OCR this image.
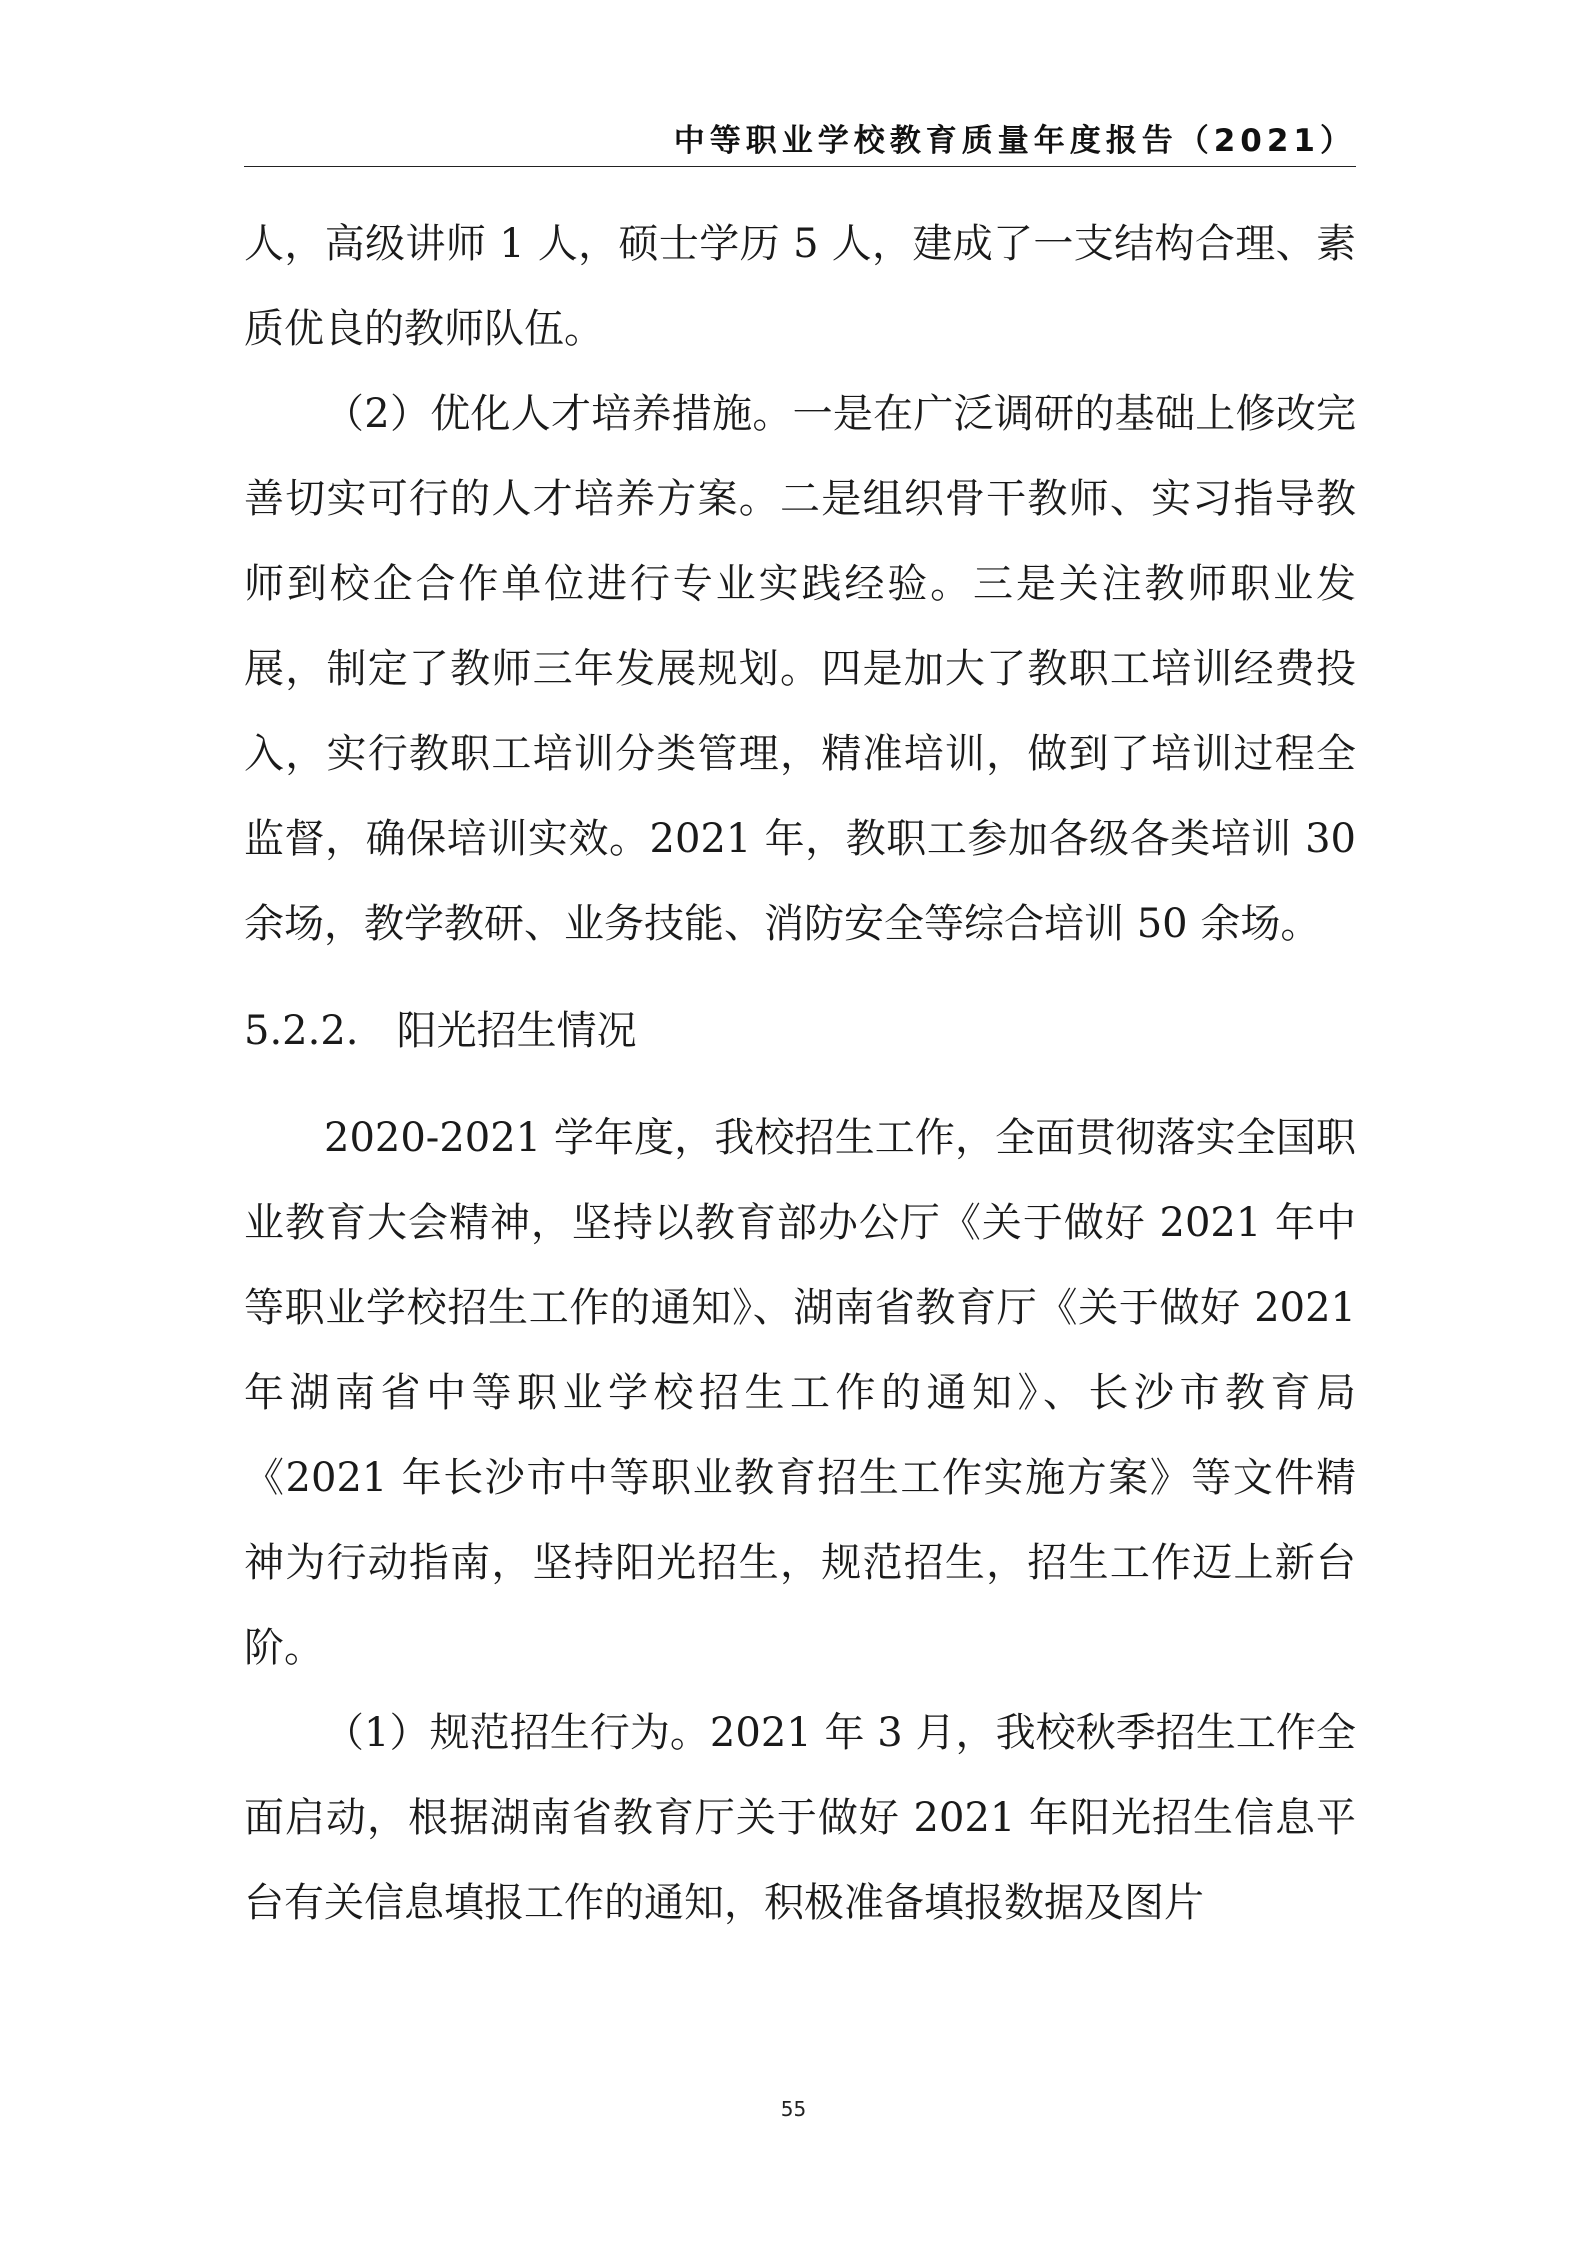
中等职业学校教育质量年度报告（2021）

人，高级讲师 1 人，硕士学历 5 人，建成了一支结构合理、素质优良的教师队伍。

（2）优化人才培养措施。一是在广泛调研的基础上修改完善切实可行的人才培养方案。二是组织骨干教师、实习指导教师到校企合作单位进行专业实践经验。三是关注教师职业发展，制定了教师三年发展规划。四是加大了教职工培训经费投入，实行教职工培训分类管理，精准培训，做到了培训过程全监督，确保培训实效。2021 年，教职工参加各级各类培训 30 余场，教学教研、业务技能、消防安全等综合培训 50 余场。

5.2.2.   阳光招生情况

2020-2021 学年度，我校招生工作，全面贯彻落实全国职业教育大会精神，坚持以教育部办公厅《关于做好 2021 年中等职业学校招生工作的通知》、湖南省教育厅《关于做好 2021 年湖南省中等职业学校招生工作的通知》、长沙市教育局《2021 年长沙市中等职业教育招生工作实施方案》等文件精神为行动指南，坚持阳光招生，规范招生，招生工作迈上新台阶。

（1）规范招生行为。2021 年 3 月，我校秋季招生工作全面启动，根据湖南省教育厅关于做好 2021 年阳光招生信息平台有关信息填报工作的通知，积极准备填报数据及图片

55
